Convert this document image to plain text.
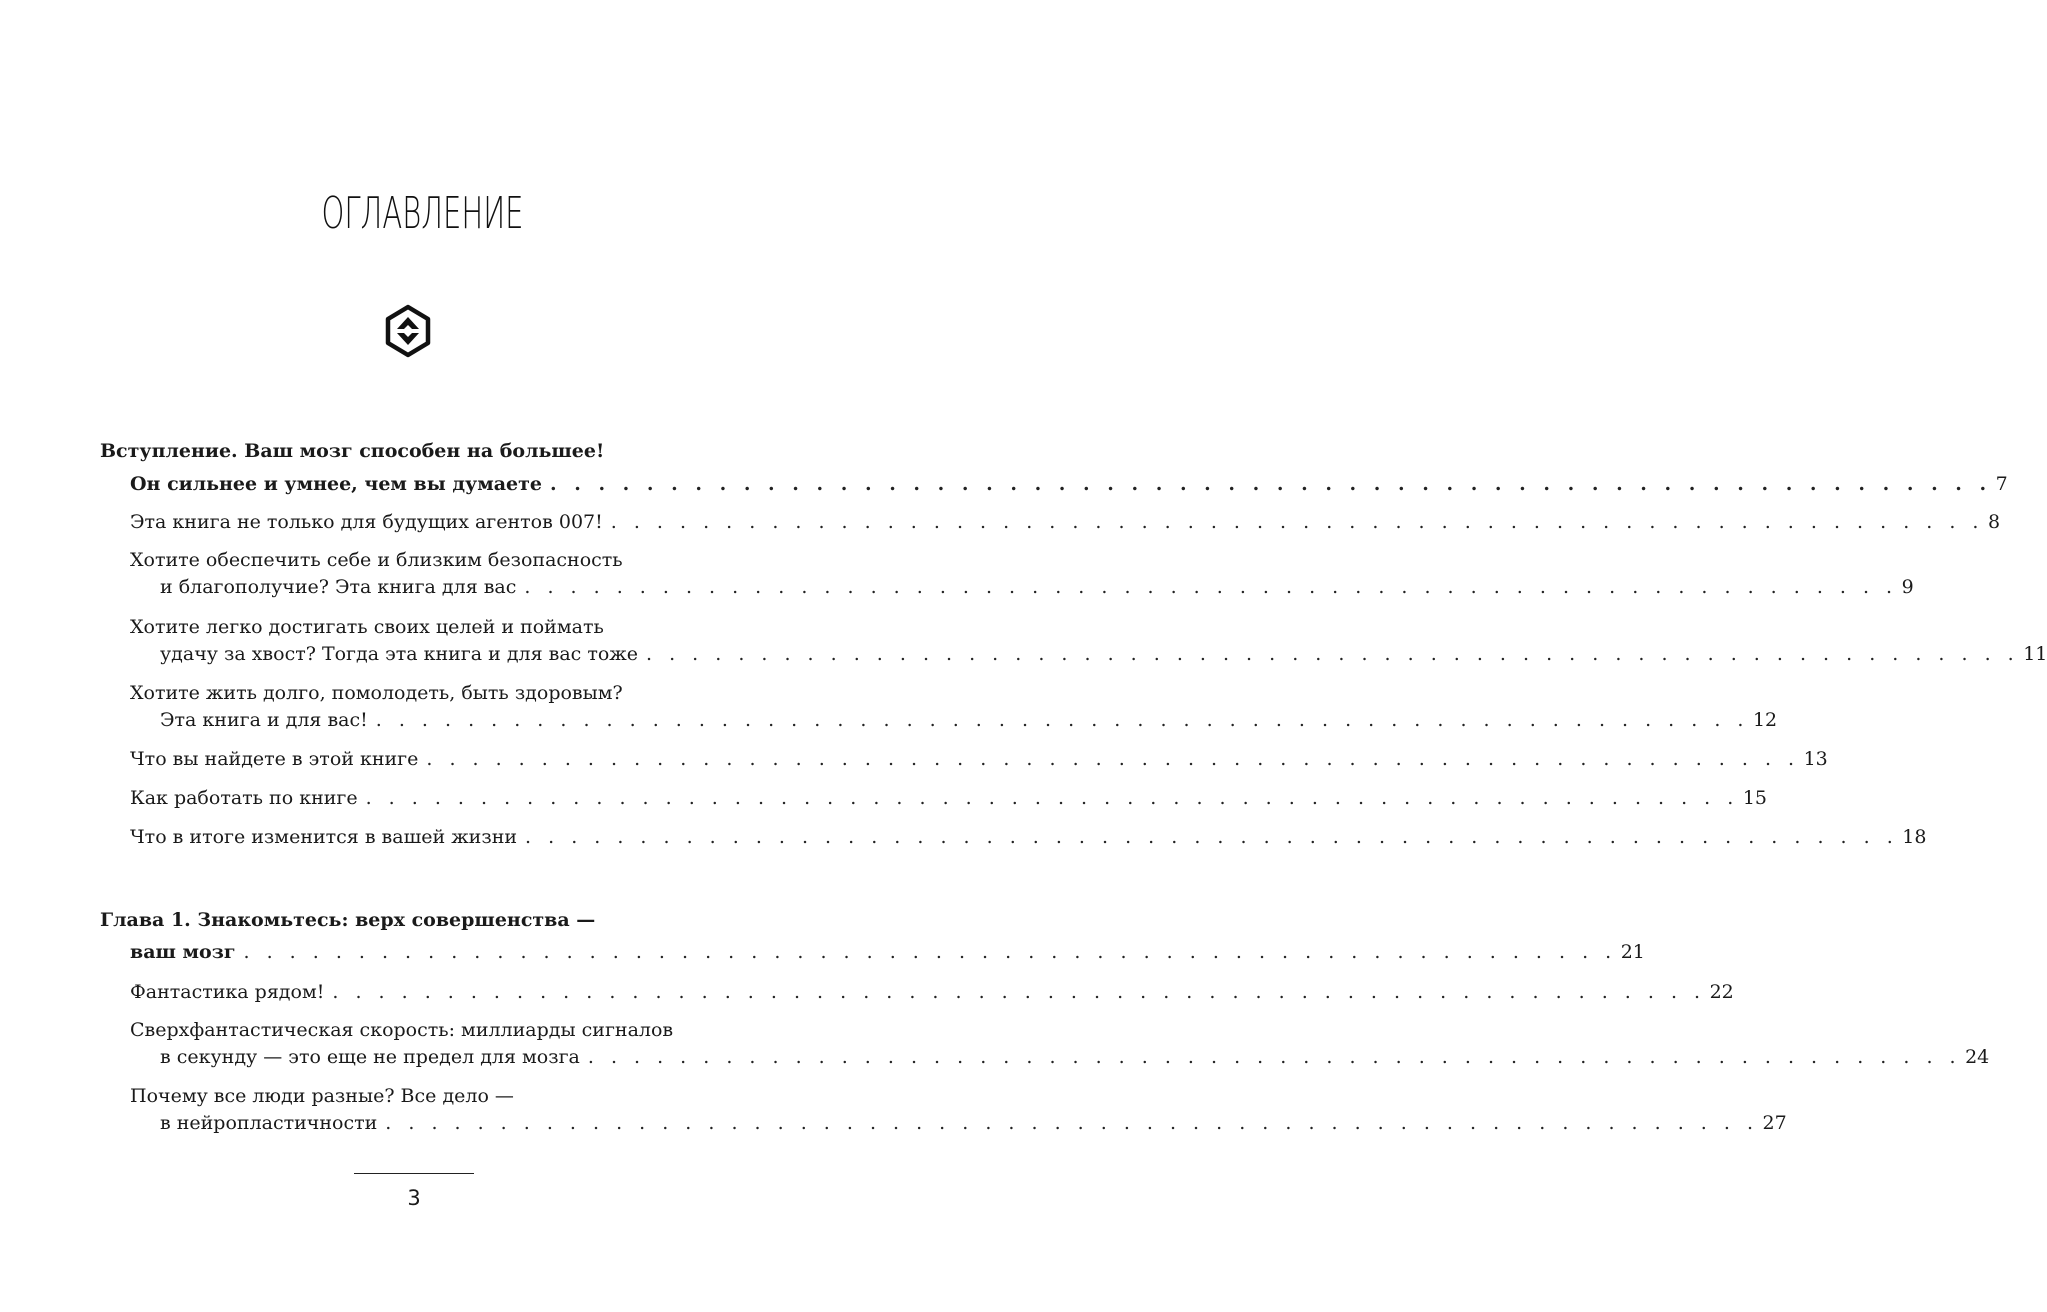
ОГЛАВЛЕНИЕ
Вступление. Ваш мозг способен на большее!
Он сильнее и умнее, чем вы думаете . . . . . . . . . . . . . . . . . . . . . . . . . . . . . . . . . . . . . . . . . . . . . . . . . . . . . . . . . . . . 7
Эта книга не только для будущих агентов 007! . . . . . . . . . . . . . . . . . . . . . . . . . . . . . . . . . . . . . . . . . . . . . . . . . . . . . . . . . . . . 8
Хотите обеспечить себе и близким безопасность
и благополучие? Эта книга для вас . . . . . . . . . . . . . . . . . . . . . . . . . . . . . . . . . . . . . . . . . . . . . . . . . . . . . . . . . . . . 9
Хотите легко достигать своих целей и поймать
удачу за хвост? Тогда эта книга и для вас тоже . . . . . . . . . . . . . . . . . . . . . . . . . . . . . . . . . . . . . . . . . . . . . . . . . . . . . . . . . . . . 11
Хотите жить долго, помолодеть, быть здоровым?
Эта книга и для вас! . . . . . . . . . . . . . . . . . . . . . . . . . . . . . . . . . . . . . . . . . . . . . . . . . . . . . . . . . . . . 12
Что вы найдете в этой книге . . . . . . . . . . . . . . . . . . . . . . . . . . . . . . . . . . . . . . . . . . . . . . . . . . . . . . . . . . . . 13
Как работать по книге . . . . . . . . . . . . . . . . . . . . . . . . . . . . . . . . . . . . . . . . . . . . . . . . . . . . . . . . . . . . 15
Что в итоге изменится в вашей жизни . . . . . . . . . . . . . . . . . . . . . . . . . . . . . . . . . . . . . . . . . . . . . . . . . . . . . . . . . . . . 18
Глава 1. Знакомьтесь: верх совершенства —
ваш мозг . . . . . . . . . . . . . . . . . . . . . . . . . . . . . . . . . . . . . . . . . . . . . . . . . . . . . . . . . . . . 21
Фантастика рядом! . . . . . . . . . . . . . . . . . . . . . . . . . . . . . . . . . . . . . . . . . . . . . . . . . . . . . . . . . . . . 22
Сверхфантастическая скорость: миллиарды сигналов
в секунду — это еще не предел для мозга . . . . . . . . . . . . . . . . . . . . . . . . . . . . . . . . . . . . . . . . . . . . . . . . . . . . . . . . . . . . 24
Почему все люди разные? Все дело —
в нейропластичности . . . . . . . . . . . . . . . . . . . . . . . . . . . . . . . . . . . . . . . . . . . . . . . . . . . . . . . . . . . . 27
3
